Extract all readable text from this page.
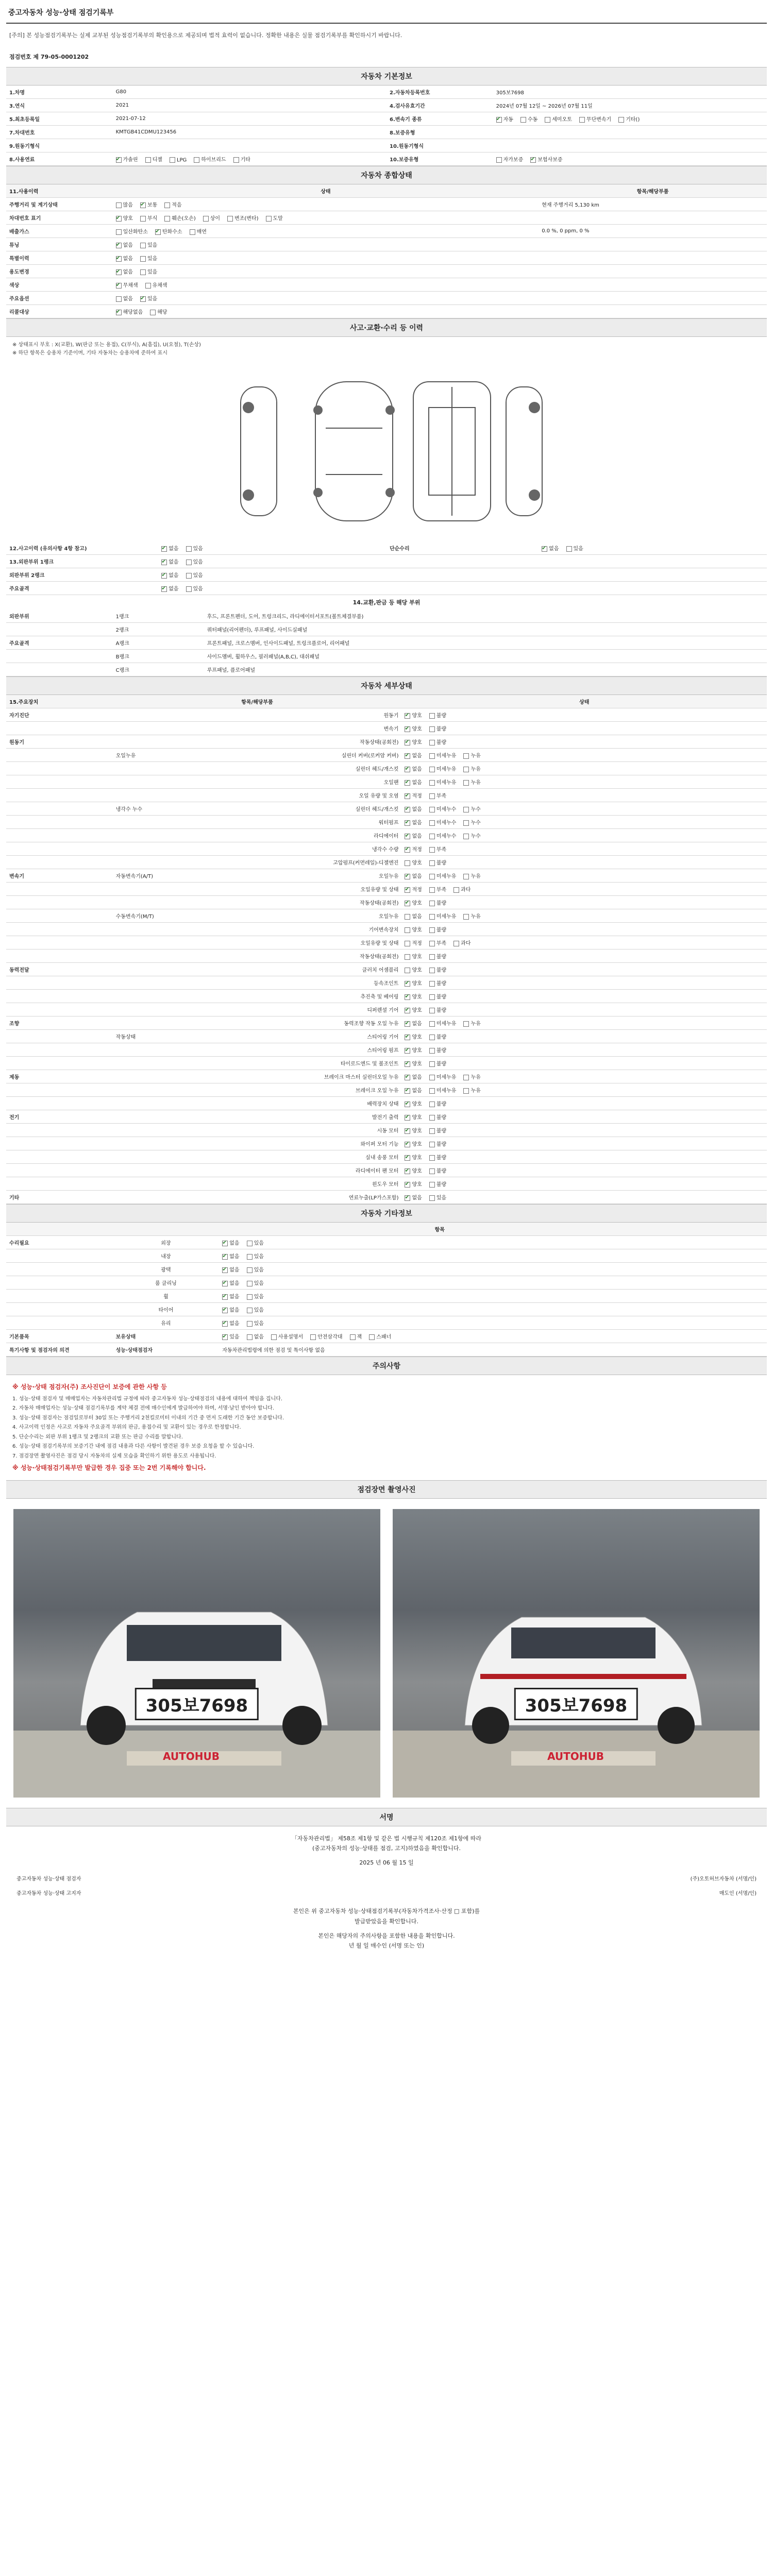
중고자동차 성능·상태 점검기록부
[주의] 본 성능점검기록부는 실제 교부된 성능점검기록부의 확인용으로 제공되며 법적 효력이 없습니다. 정확한 내용은 실물 점검기록부를 확인하시기 바랍니다.
점검번호 제 79-05-0001202
자동차 기본정보
1.차명	G80	2.자동차등록번호	305보7698
3.연식	2021	4.검사유효기간	2024년 07월 12일 ~ 2026년 07월 11일
5.최초등록일	2021-07-12	6.변속기 종류	✔자동 수동 세미오토 무단변속기 기타()
7.차대번호	KMTGB41CDMU123456	8.보증유형	
9.원동기형식		10.원동기형식	
8.사용연료	✔가솔린 디젤 LPG 하이브리드 기타	10.보증유형	자가보증 ✔ 보험사보증
자동차 종합상태
11.사용이력	상태	항목/해당부품
주행거리 및 계기상태	많음 ✔ 보통 적음	현재 주행거리 5,130 km
차대번호 표기	✔양호 부식 훼손(오손) 상이 변조(변타) 도말	
배출가스	일산화탄소 ✔ 탄화수소 매연	0.0 %, 0 ppm, 0 %
튜닝	✔없음 있음	
특별이력	✔없음 있음	
용도변경	✔없음 있음	
색상	✔무채색 유채색	
주요옵션	없음 ✔ 있음	
리콜대상	✔해당없음 해당	
사고·교환·수리 등 이력
※ 상태표시 부호 : X(교환), W(판금 또는 용접), C(부식), A(흠집), U(요철), T(손상)
※ 하단 항목은 승용차 기준이며, 기타 자동차는 승용차에 준하여 표시
12.사고이력 (유의사항 4항 참고)	✔없음 있음	단순수리	✔없음 있음
13.외판부위 1랭크	✔없음 있음		
외판부위 2랭크	✔없음 있음		
주요골격	✔없음 있음		
14.교환,판금 등 해당 부위
외판부위	1랭크	후드, 프론트펜더, 도어, 트렁크리드, 라디에이터서포트(볼트체결부품)
	2랭크	쿼터패널(리어펜더), 루프패널, 사이드실패널
주요골격	A랭크	프론트패널, 크로스멤버, 인사이드패널, 트렁크플로어, 리어패널
	B랭크	사이드멤버, 휠하우스, 필러패널(A,B,C), 대쉬패널
	C랭크	루프패널, 플로어패널
자동차 세부상태
15.주요장치	항목/해당부품		상태
자기진단		원동기	✔양호 불량
		변속기	✔양호 불량
원동기		작동상태(공회전)	✔양호 불량
	오일누유	실린더 커버(로커암 커버)	✔없음 미세누유 누유
		실린더 헤드/개스킷	✔없음 미세누유 누유
		오일팬	✔없음 미세누유 누유
		오일 유량 및 오염	✔적정 부족
	냉각수 누수	실린더 헤드/개스킷	✔없음 미세누수 누수
		워터펌프	✔없음 미세누수 누수
		라디에이터	✔없음 미세누수 누수
		냉각수 수량	✔적정 부족
		고압펌프(커먼레일)-디젤엔진	양호 불량
변속기	자동변속기(A/T)	오일누유	✔없음 미세누유 누유
		오일유량 및 상태	✔적정 부족 과다
		작동상태(공회전)	✔양호 불량
	수동변속기(M/T)	오일누유	없음 미세누유 누유
		기어변속장치	양호 불량
		오일유량 및 상태	적정 부족 과다
		작동상태(공회전)	양호 불량
동력전달		클러치 어셈블리	양호 불량
		등속조인트	✔양호 불량
		추진축 및 베어링	✔양호 불량
		디퍼렌셜 기어	✔양호 불량
조향		동력조향 작동 오일 누유	✔없음 미세누유 누유
	작동상태	스티어링 기어	✔양호 불량
		스티어링 펌프	✔양호 불량
		타이로드엔드 및 볼조인트	✔양호 불량
제동		브레이크 마스터 실린더오일 누유	✔없음 미세누유 누유
		브레이크 오일 누유	✔없음 미세누유 누유
		배력장치 상태	✔양호 불량
전기		발전기 출력	✔양호 불량
		시동 모터	✔양호 불량
		와이퍼 모터 기능	✔양호 불량
		실내 송풍 모터	✔양호 불량
		라디에이터 팬 모터	✔양호 불량
		윈도우 모터	✔양호 불량
기타		연료누출(LP가스포함)	✔없음 있음
자동차 기타정보
	항목	
수리필요	외장	✔없음 있음
	내장	✔없음 있음
	광택	✔없음 있음
	룸 클리닝	✔없음 있음
	휠	✔없음 있음
	타이어	✔없음 있음
	유리	✔없음 있음
기본품목	보유상태	✔있음 없음 사용설명서 안전삼각대 잭 스패너
특기사항 및 점검자의 의견	성능·상태점검자	자동차관리법령에 의한 점검 및 특이사항 없음
주의사항
※ 성능·상태 점검자(주) 조사진단이 보증에 관한 사항 등
1. 성능·상태 점검자 및 매매업자는 자동차관리법 규정에 따라 중고자동차 성능·상태점검의 내용에 대하여 책임을 집니다.
2. 자동차 매매업자는 성능·상태 점검기록부를 계약 체결 전에 매수인에게 발급하여야 하며, 서명·날인 받아야 합니다.
3. 성능·상태 점검자는 점검일로부터 30일 또는 주행거리 2천킬로미터 이내의 기간 중 먼저 도래한 기간 동안 보증합니다.
4. 사고이력 인정은 사고로 자동차 주요골격 부위의 판금, 용접수리 및 교환이 있는 경우로 한정합니다.
5. 단순수리는 외판 부위 1랭크 및 2랭크의 교환 또는 판금 수리를 말합니다.
6. 성능·상태 점검기록부의 보증기간 내에 점검 내용과 다른 사항이 발견된 경우 보증 요청을 할 수 있습니다.
7. 점검장면 촬영사진은 점검 당시 자동차의 실제 모습을 확인하기 위한 용도로 사용됩니다.
※ 성능·상태점검기록부만 발급한 경우 집중 또는 2번 기록해야 합니다.
점검장면 촬영사진
305보7698
AUTOHUB
305보7698
AUTOHUB
서명
「자동차관리법」 제58조 제1항 및 같은 법 시행규칙 제120조 제1항에 따라
(중고자동차의 성능·상태를 점검, 고지)하였음을 확인합니다.
2025 년 06 월 15 일
중고자동차 성능·상태 점검자	(주)오토허브자동차 (서명/인)
중고자동차 성능·상태 고지자	매도인 (서명/인)
본인은 위 중고자동차 성능·상태점검기록부(자동차가격조사·산정 □ 포함)를
발급받았음을 확인합니다.
본인은 해당자의 주의사항을 포함한 내용을 확인합니다.
년 월 일 매수인 (서명 또는 인)
